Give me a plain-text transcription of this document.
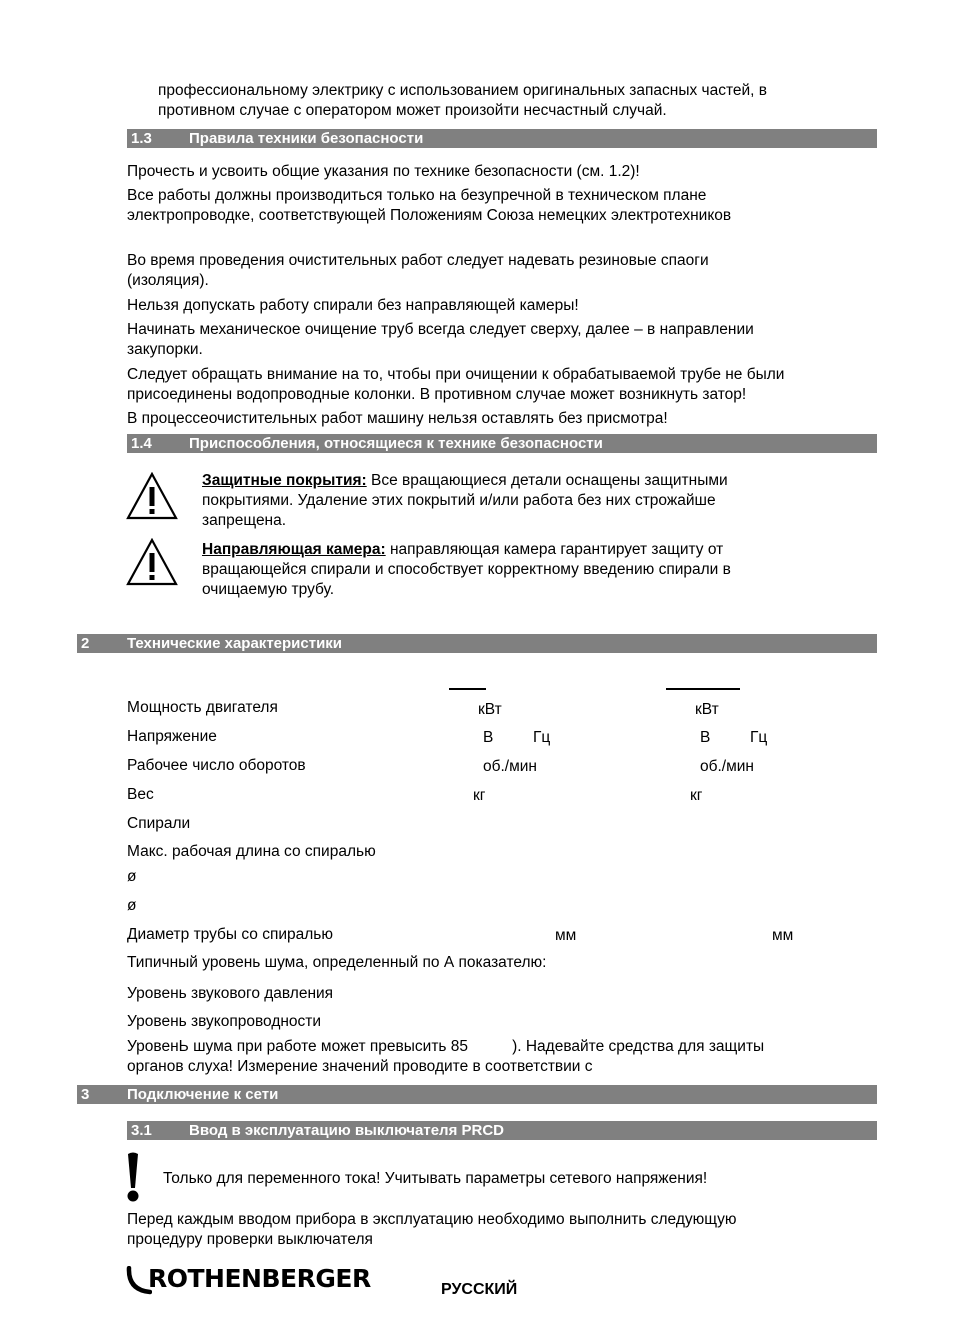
профессиональному электрику с использованием оригинальных запасных частей, в
противном случае с оператором может произойти несчастный случай.
1.3 Правила техники безопасности
Прочесть и усвоить общие указания по технике безопасности (см. 1.2)!
Все работы должны производиться только на безупречной в техническом плане
электропроводке, соответствующей Положениям Союза немецких электротехников
Во время проведения очистительных работ следует надевать резиновые спаоги
(изоляция).
Нельзя допускать работу спирали без направляющей камеры!
Начинать механическое очищение труб всегда следует сверху, далее – в направлении
закупорки.
Следует обращать внимание на то, чтобы при очищении к обрабатываемой трубе не были
присоединены водопроводные колонки. В противном случае может возникнуть затор!
В процессеочистительных работ машину нельзя оставлять без присмотра!
1.4 Приспособления, относящиеся к технике безопасности
Защитные покрытия: Все вращающиеся детали оснащены защитными
покрытиями. Удаление этих покрытий и/или работа без них строжайше
запрещена.
Направляющая камера: направляющая камера гарантирует защиту от
вращающейся спирали и способствует корректному введению спирали в
очищаемую трубу.
2	Технические характеристики
Мощность двигателя	кВт	кВт
Напряжение	В	Гц	В	Гц
Рабочее число оборотов	об./мин	об./мин
Вес	кг	кг
Спирали
Макс. рабочая длина со спиралью
ø
ø
Диаметр трубы со спиралью	мм	мм
Типичный уровень шума, определенный по А показателю:
Уровень звукового давления
Уровень звукопроводности
УровенЬ шума при работе может превысить 85	). Надевайте средства для защиты
органов слуха! Измерение значений проводите в соответствии с
3	Подключение к сети
3.1 Ввод в эксплуатацию выключателя PRCD
Только для переменного тока! Учитывать параметры сетевого напряжения!
Перед каждым вводом прибора в эксплуатацию необходимо выполнить следующую
процедуру проверки выключателя
ROTHENBERGER	РУССКИЙ
